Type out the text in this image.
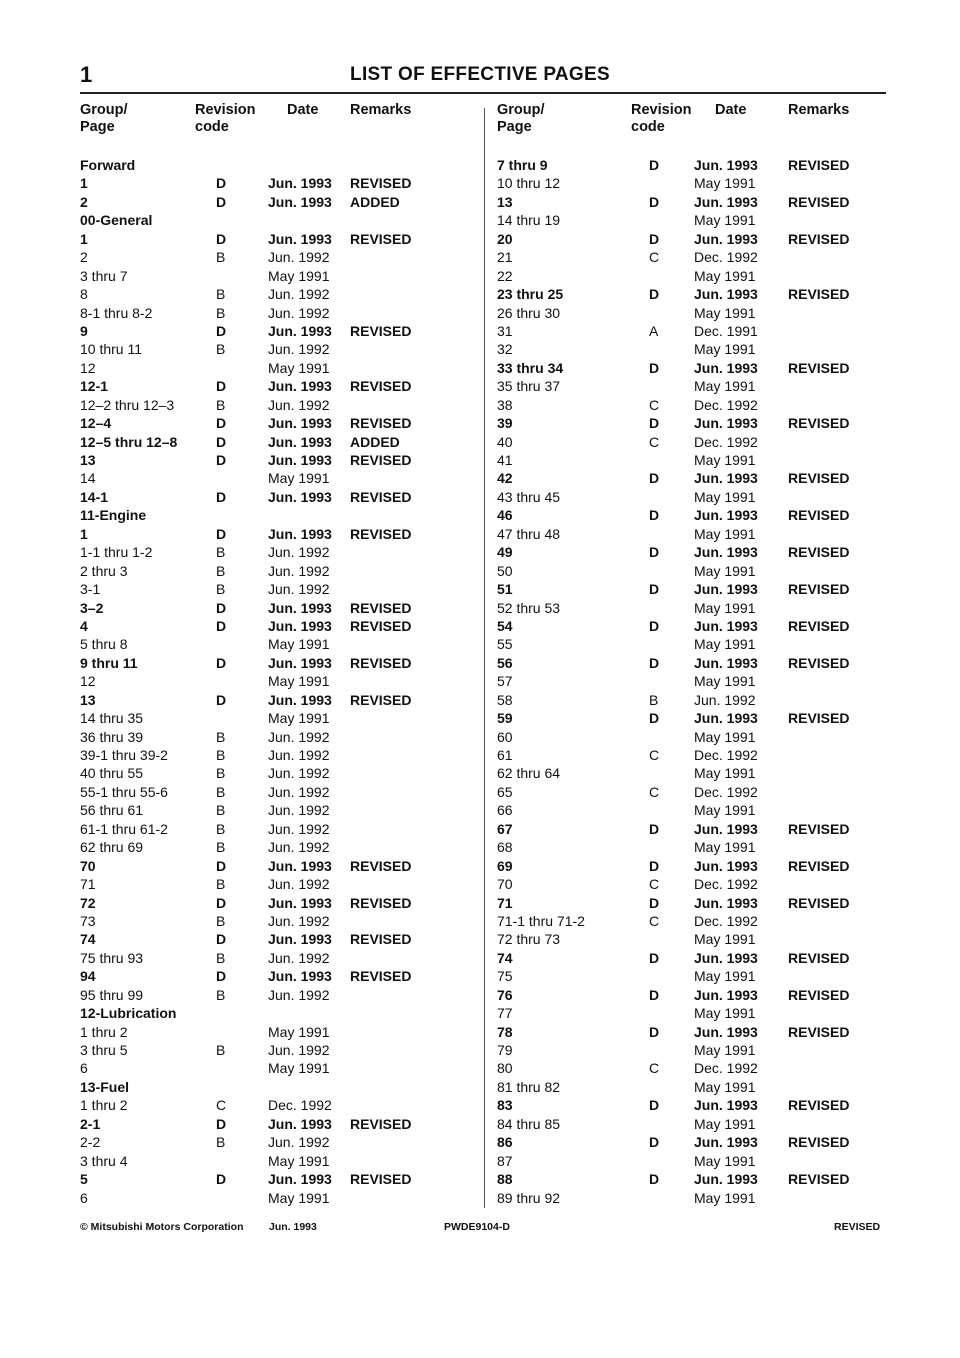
1	LIST OF EFFECTIVE PAGES
Group/
Page
Revision
code
Date Remarks
Forward
1	D	Jun. 1993 REVISED
2	D	Jun. 1993 ADDED
00-General
1	D	Jun. 1993 REVISED
2	B	Jun. 1992
3 thru 7	May 1991
8	B	Jun. 1992
8-1 thru 8-2	B	Jun. 1992
9	D	Jun. 1993 REVISED
10 thru 11	B	Jun. 1992
12	May 1991
12-1	D	Jun. 1993 REVISED
12–2 thru 12–3	B	Jun. 1992
12–4	D	Jun. 1993 REVISED
12–5 thru 12–8	D	Jun. 1993 ADDED
13	D	Jun. 1993 REVISED
14	May 1991
14-1	D	Jun. 1993 REVISED
11-Engine
1	D	Jun. 1993 REVISED
1-1 thru 1-2	B	Jun. 1992
2 thru 3	B	Jun. 1992
3-1	B	Jun. 1992
3–2	D	Jun. 1993 REVISED
4	D	Jun. 1993 REVISED
5 thru 8	May 1991
9 thru 11	D	Jun. 1993 REVISED
12	May 1991
13	D	Jun. 1993 REVISED
14 thru 35	May 1991
36 thru 39	B	Jun. 1992
39-1 thru 39-2	B	Jun. 1992
40 thru 55	B	Jun. 1992
55-1 thru 55-6	B	Jun. 1992
56 thru 61	B	Jun. 1992
61-1 thru 61-2	B	Jun. 1992
62 thru 69	B	Jun. 1992
70	D	Jun. 1993 REVISED
71	B	Jun. 1992
72	D	Jun. 1993 REVISED
73	B	Jun. 1992
74	D	Jun. 1993 REVISED
75 thru 93	B	Jun. 1992
94	D	Jun. 1993 REVISED
95 thru 99	B	Jun. 1992
12-Lubrication
1 thru 2	May 1991
3 thru 5	B	Jun. 1992
6	May 1991
13-Fuel
1 thru 2	C	Dec. 1992
2-1	D	Jun. 1993 REVISED
2-2	B	Jun. 1992
3 thru 4	May 1991
5	D	Jun. 1993 REVISED
6	May 1991
Group/
Page
Revision
code
Date	Remarks
7 thru 9	D Jun. 1993 REVISED
10 thru 12	May 1991
13	D Jun. 1993 REVISED
14 thru 19	May 1991
20	D Jun. 1993 REVISED
21	C Dec. 1992
22	May 1991
23 thru 25	D Jun. 1993 REVISED
26 thru 30	May 1991
31	A	Dec. 1991
32	May 1991
33 thru 34	D Jun. 1993 REVISED
35 thru 37	May 1991
38	C Dec. 1992
39	D Jun. 1993 REVISED
40	C Dec. 1992
41	May 1991
42	D Jun. 1993 REVISED
43 thru 45	May 1991
46	D Jun. 1993 REVISED
47 thru 48	May 1991
49	D Jun. 1993 REVISED
50	May 1991
51	D Jun. 1993 REVISED
52 thru 53	May 1991
54	D Jun. 1993 REVISED
55	May 1991
56	D Jun. 1993 REVISED
57	May 1991
58	B	Jun. 1992
59	D Jun. 1993 REVISED
60	May 1991
61	C Dec. 1992
62 thru 64	May 1991
65	C Dec. 1992
66	May 1991
67	D Jun. 1993 REVISED
68	May 1991
69	D Jun. 1993 REVISED
70	C Dec. 1992
71	D Jun. 1993 REVISED
71-1 thru 71-2	C Dec. 1992
72 thru 73	May 1991
74	D Jun. 1993 REVISED
75	May 1991
76	D Jun. 1993 REVISED
77	May 1991
78	D Jun. 1993 REVISED
79	May 1991
80	C Dec. 1992
81 thru 82	May 1991
83	D Jun. 1993 REVISED
84 thru 85	May 1991
86	D Jun. 1993 REVISED
87	May 1991
88	D Jun. 1993 REVISED
89 thru 92	May 1991
© Mitsubishi Motors Corporation Jun. 1993	PWDE9104-D	REVISED
